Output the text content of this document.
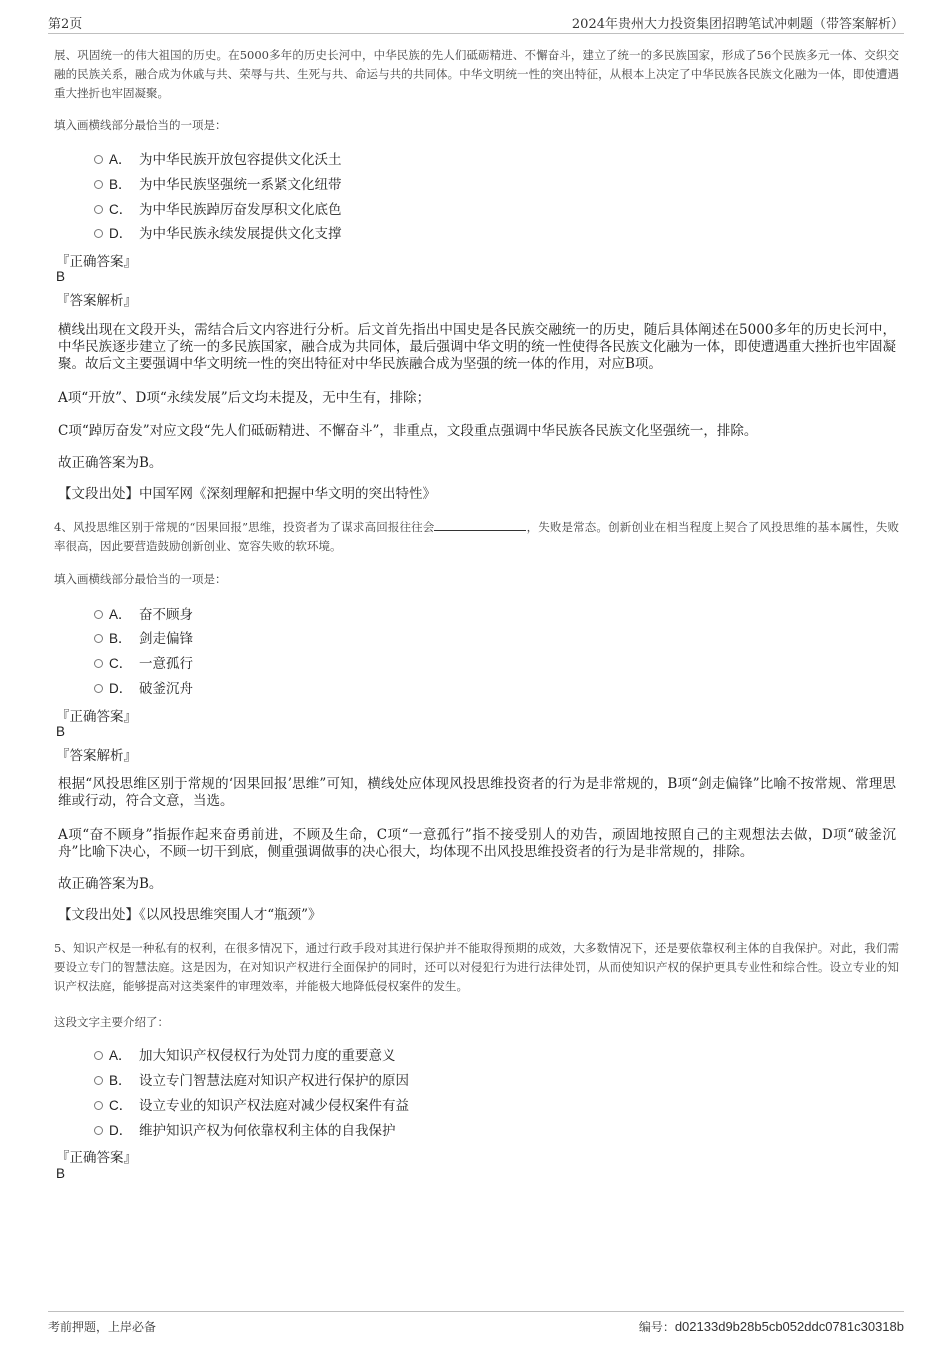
第2页	2024年贵州大力投资集团招聘笔试冲刺题（带答案解析）
展、巩固统一的伟大祖国的历史。在5000多年的历史长河中，中华民族的先人们砥砺精进、不懈奋斗，建立了统一的多民族国家，形成了56个民族多元一体、交织交融的民族关系，融合成为休戚与共、荣辱与共、生死与共、命运与共的共同体。中华文明统一性的突出特征，从根本上决定了中华民族各民族文化融为一体，即使遭遇重大挫折也牢固凝聚。
填入画横线部分最恰当的一项是：
A． 为中华民族开放包容提供文化沃土
B． 为中华民族坚强统一系紧文化纽带
C． 为中华民族踔厉奋发厚积文化底色
D． 为中华民族永续发展提供文化支撑
『正确答案』
B
『答案解析』
横线出现在文段开头，需结合后文内容进行分析。后文首先指出中国史是各民族交融统一的历史，随后具体阐述在5000多年的历史长河中，中华民族逐步建立了统一的多民族国家，融合成为共同体，最后强调中华文明的统一性使得各民族文化融为一体，即使遭遇重大挫折也牢固凝聚。故后文主要强调中华文明统一性的突出特征对中华民族融合成为坚强的统一体的作用，对应B项。
A项“开放”、D项“永续发展”后文均未提及，无中生有，排除；
C项“踔厉奋发”对应文段“先人们砥砺精进、不懈奋斗”，非重点，文段重点强调中华民族各民族文化坚强统一，排除。
故正确答案为B。
【文段出处】中国军网《深刻理解和把握中华文明的突出特性》
4、风投思维区别于常规的“因果回报”思维，投资者为了谋求高回报往往会	，失败是常态。创新创业在相当程度上契合了风投思维的基本属性，失败率很高，因此要营造鼓励创新创业、宽容失败的软环境。
填入画横线部分最恰当的一项是：
A． 奋不顾身
B． 剑走偏锋
C． 一意孤行
D． 破釜沉舟
『正确答案』
B
『答案解析』
根据“风投思维区别于常规的‘因果回报’思维”可知，横线处应体现风投思维投资者的行为是非常规的，B项“剑走偏锋”比喻不按常规、常理思维或行动，符合文意，当选。
A项“奋不顾身”指振作起来奋勇前进，不顾及生命，C项“一意孤行”指不接受别人的劝告，顽固地按照自己的主观想法去做，D项“破釜沉舟”比喻下决心，不顾一切干到底，侧重强调做事的决心很大，均体现不出风投思维投资者的行为是非常规的，排除。
故正确答案为B。
【文段出处】《以风投思维突围人才“瓶颈”》
5、知识产权是一种私有的权利，在很多情况下，通过行政手段对其进行保护并不能取得预期的成效，大多数情况下，还是要依靠权利主体的自我保护。对此，我们需要设立专门的智慧法庭。这是因为，在对知识产权进行全面保护的同时，还可以对侵犯行为进行法律处罚，从而使知识产权的保护更具专业性和综合性。设立专业的知识产权法庭，能够提高对这类案件的审理效率，并能极大地降低侵权案件的发生。
这段文字主要介绍了：
A． 加大知识产权侵权行为处罚力度的重要意义
B． 设立专门智慧法庭对知识产权进行保护的原因
C． 设立专业的知识产权法庭对减少侵权案件有益
D． 维护知识产权为何依靠权利主体的自我保护
『正确答案』
B
考前押题，上岸必备	编号：d02133d9b28b5cb052ddc0781c30318b
